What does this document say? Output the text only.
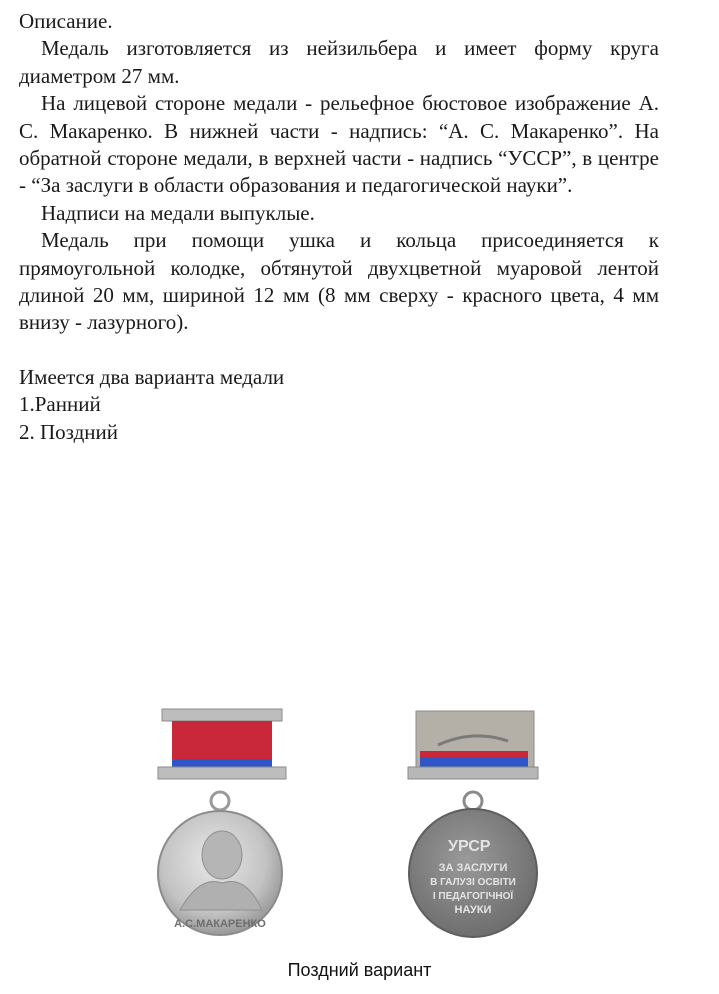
Описание.

Медаль изготовляется из нейзильбера и имеет форму круга диаметром 27 мм.

На лицевой стороне медали - рельефное бюстовое изображение А. С. Макаренко. В нижней части - надпись: “А. С. Макаренко”. На обратной стороне медали, в верхней части - надпись “УССР”, в центре - “За заслуги в области образования и педагогической науки”.

Надписи на медали выпуклые.

Медаль при помощи ушка и кольца присоединяется к прямоугольной колодке, обтянутой двухцветной муаровой лентой длиной 20 мм, шириной 12 мм (8 мм сверху - красного цвета, 4 мм внизу - лазурного).

Имеется два варианта медали

1.Ранний

2. Поздний

А.С.МАКАРЕНКО
УРСР
ЗА ЗАСЛУГИ
В ГАЛУЗІ ОСВІТИ
І ПЕДАГОГІЧНОЇ
НАУКИ
Поздний вариант
